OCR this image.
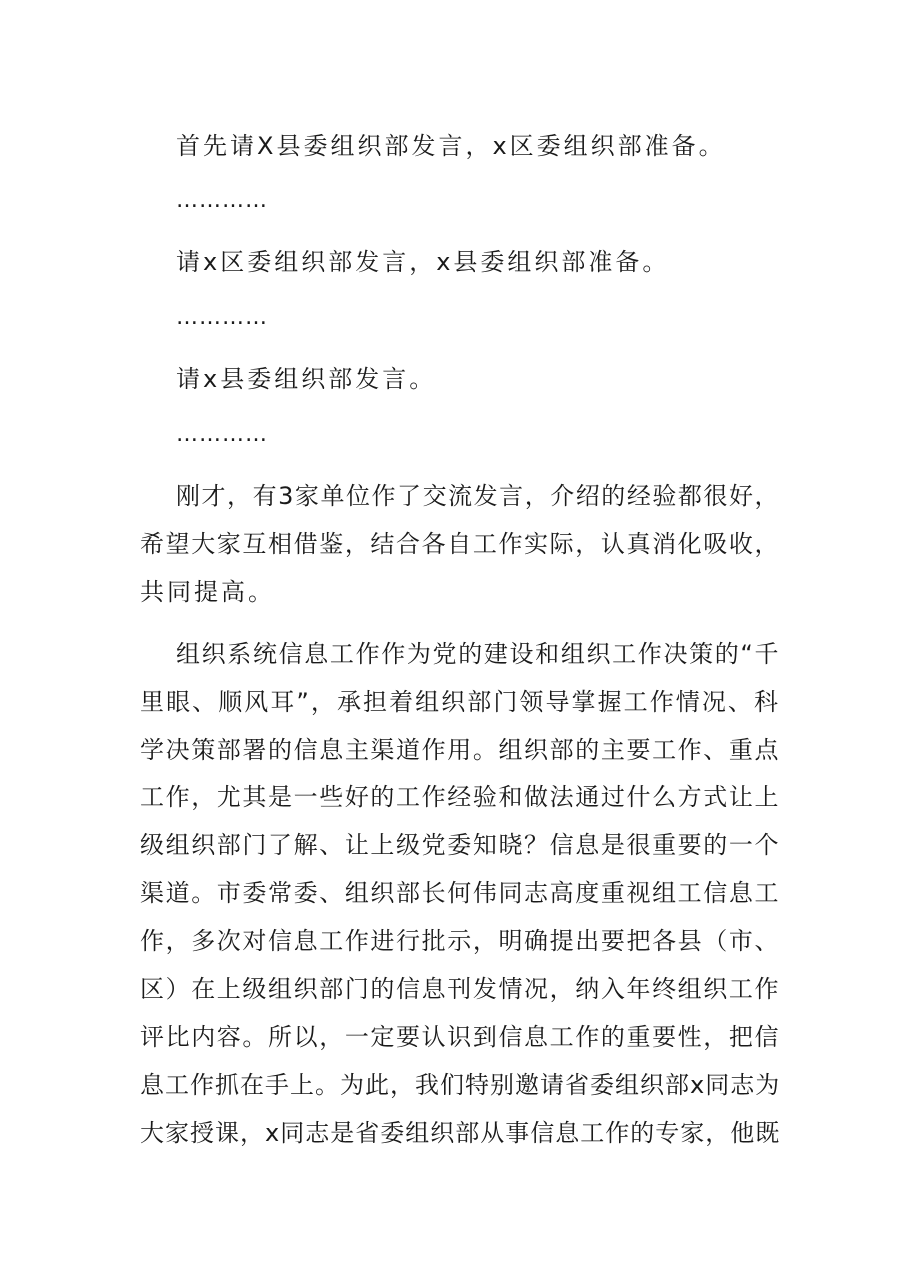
首先请X县委组织部发言，x区委组织部准备。
…………
请x区委组织部发言，x县委组织部准备。
…………
请x县委组织部发言。
…………
刚才，有3家单位作了交流发言，介绍的经验都很好，
希望大家互相借鉴，结合各自工作实际，认真消化吸收，
共同提高。
组织系统信息工作作为党的建设和组织工作决策的“千
里眼、顺风耳”，承担着组织部门领导掌握工作情况、科
学决策部署的信息主渠道作用。组织部的主要工作、重点
工作，尤其是一些好的工作经验和做法通过什么方式让上
级组织部门了解、让上级党委知晓？信息是很重要的一个
渠道。市委常委、组织部长何伟同志高度重视组工信息工
作，多次对信息工作进行批示，明确提出要把各县（市、
区）在上级组织部门的信息刊发情况，纳入年终组织工作
评比内容。所以，一定要认识到信息工作的重要性，把信
息工作抓在手上。为此，我们特别邀请省委组织部x同志为
大家授课，x同志是省委组织部从事信息工作的专家，他既
